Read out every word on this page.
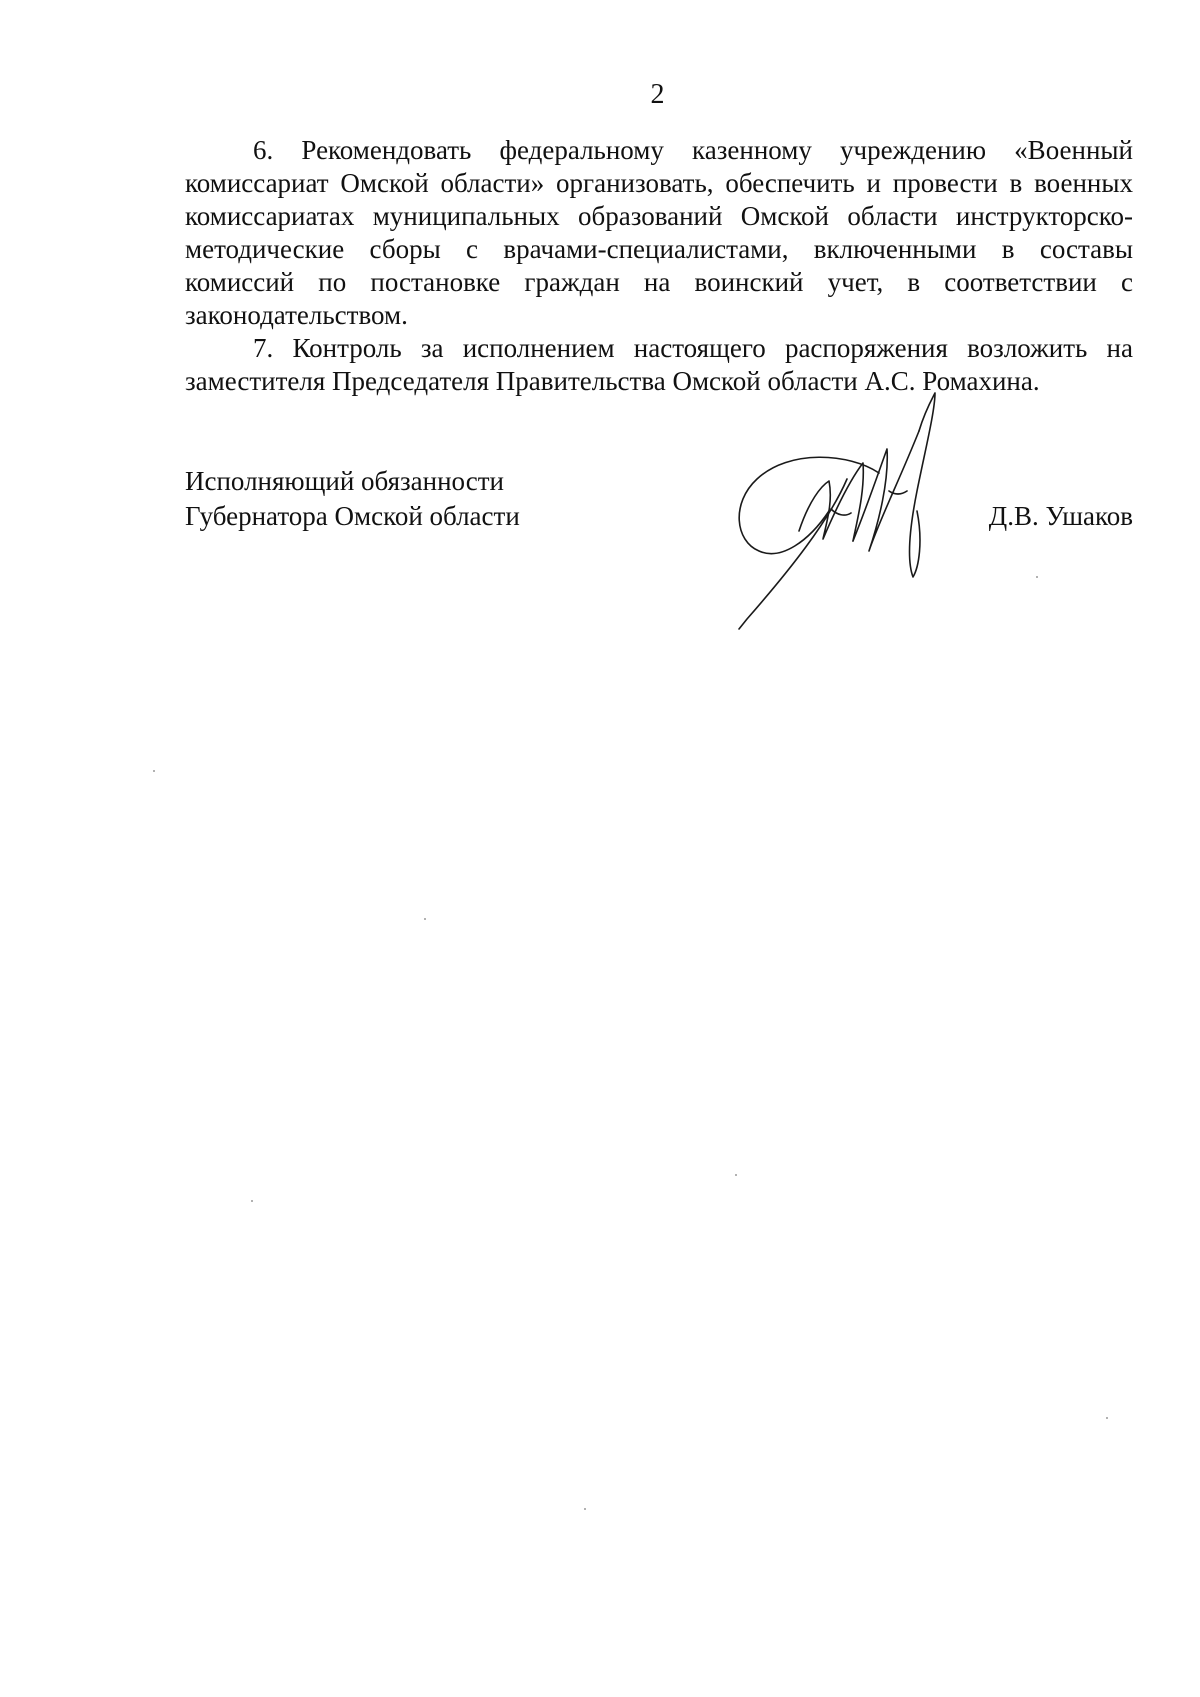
2

6. Рекомендовать федеральному казенному учреждению «Военный комиссариат Омской области» организовать, обеспечить и провести в военных комиссариатах муниципальных образований Омской области инструкторско-методические сборы с врачами-специалистами, включенными в составы комиссий по постановке граждан на воинский учет, в соответствии с законодательством.

7. Контроль за исполнением настоящего распоряжения возложить на заместителя Председателя Правительства Омской области А.С. Ромахина.

Исполняющий обязанности
Губернатора Омской области	Д.В. Ушаков
